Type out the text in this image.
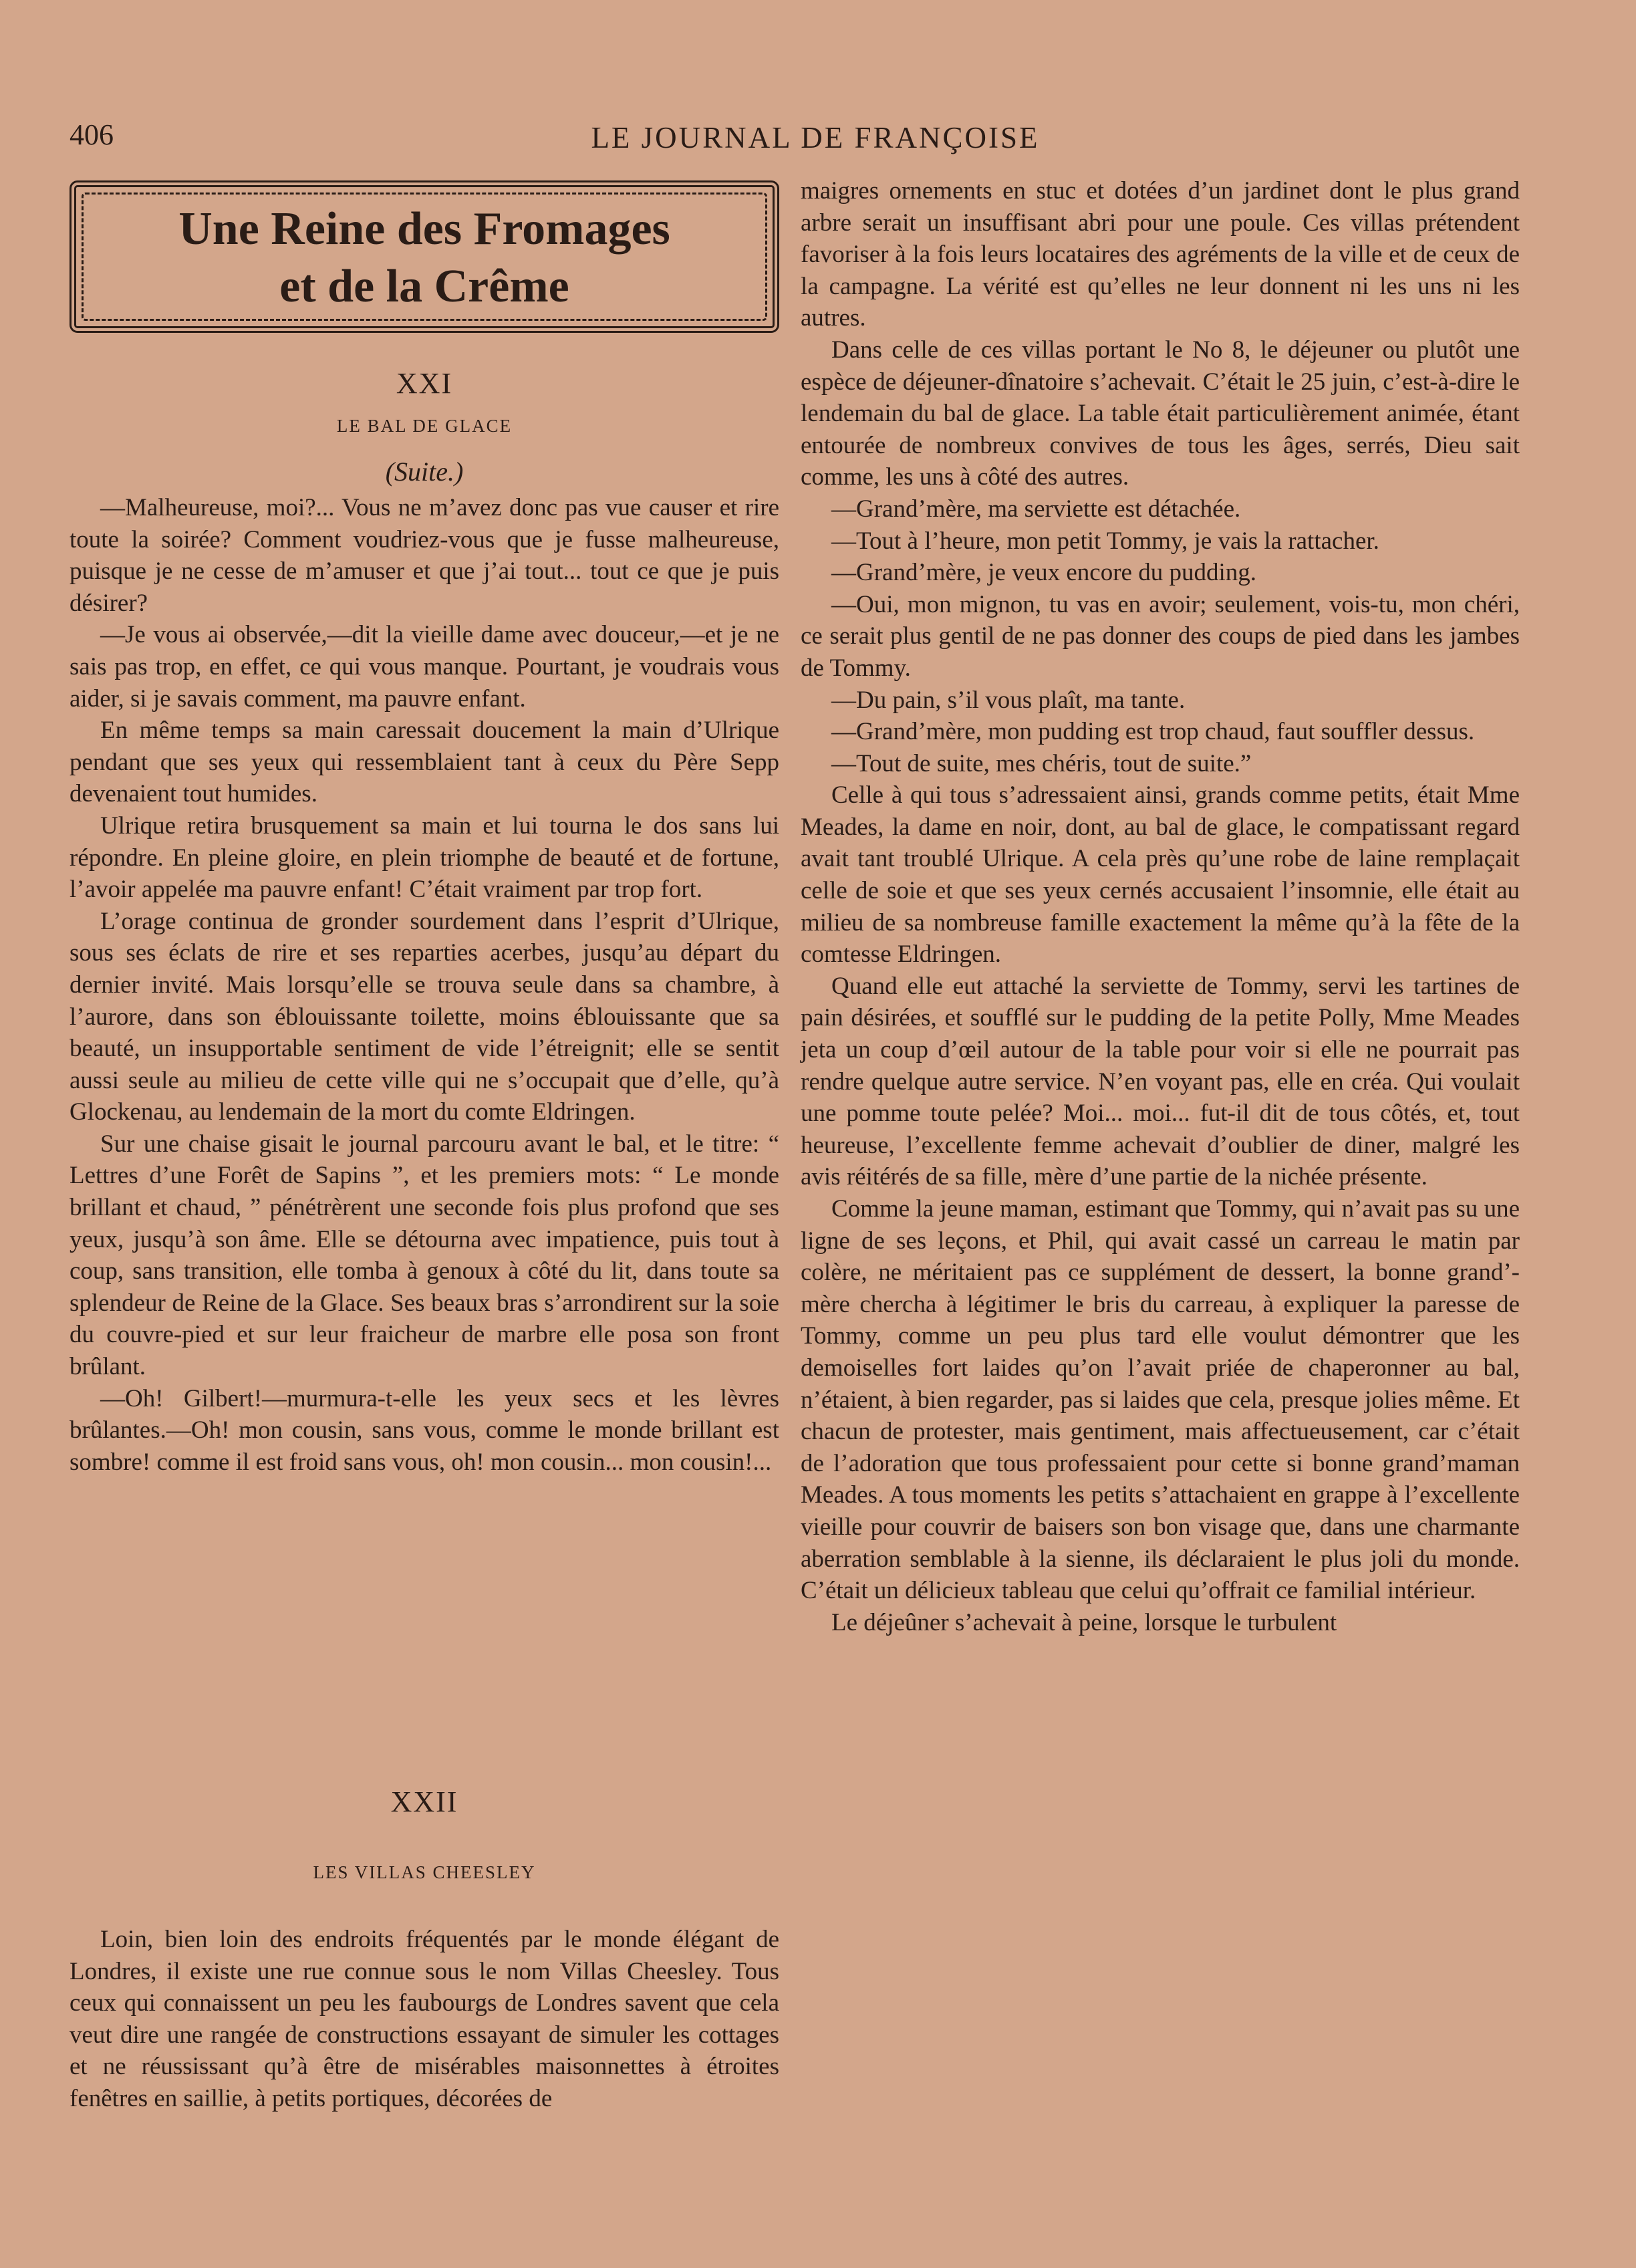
406	LE JOURNAL DE FRANÇOISE
Une Reine des Fromages
et de la Crême
XXI
LE BAL DE GLACE
(Suite.)

—Malheureuse, moi?... Vous ne m’avez donc pas vue causer et rire toute la soirée? Comment voudriez-vous que je fusse malheureuse, puisque je ne cesse de m’amuser et que j’ai tout... tout ce que je puis désirer?

—Je vous ai observée,—dit la vieille dame avec douceur,—et je ne sais pas trop, en effet, ce qui vous manque. Pourtant, je voudrais vous aider, si je savais comment, ma pauvre enfant.

En même temps sa main caressait doucement la main d’Ulrique pendant que ses yeux qui ressemblaient tant à ceux du Père Sepp devenaient tout humides.

Ulrique retira brusquement sa main et lui tourna le dos sans lui répondre. En pleine gloire, en plein triomphe de beauté et de fortune, l’avoir appelée ma pauvre enfant! C’était vraiment par trop fort.

L’orage continua de gronder sourdement dans l’esprit d’Ulrique, sous ses éclats de rire et ses reparties acerbes, jusqu’au départ du dernier invité. Mais lorsqu’elle se trouva seule dans sa chambre, à l’aurore, dans son éblouissante toilette, moins éblouissante que sa beauté, un insupportable sentiment de vide l’étreignit; elle se sentit aussi seule au milieu de cette ville qui ne s’occupait que d’elle, qu’à Glockenau, au lendemain de la mort du comte Eldringen.

Sur une chaise gisait le journal parcouru avant le bal, et le titre: “ Lettres d’une Forêt de Sapins ”, et les premiers mots: “ Le monde brillant et chaud, ” pénétrèrent une seconde fois plus profond que ses yeux, jusqu’à son âme. Elle se détourna avec impatience, puis tout à coup, sans transition, elle tomba à genoux à côté du lit, dans toute sa splendeur de Reine de la Glace. Ses beaux bras s’arrondirent sur la soie du couvre-pied et sur leur fraicheur de marbre elle posa son front brûlant.

—Oh! Gilbert!—murmura-t-elle les yeux secs et les lèvres brûlantes.—Oh! mon cousin, sans vous, comme le monde brillant est sombre! comme il est froid sans vous, oh! mon cousin... mon cousin!...

XXII
LES VILLAS CHEESLEY

Loin, bien loin des endroits fréquentés par le monde élégant de Londres, il existe une rue connue sous le nom Villas Cheesley. Tous ceux qui connaissent un peu les faubourgs de Londres savent que cela veut dire une rangée de constructions essayant de simuler les cottages et ne réussissant qu’à être de misérables maisonnettes à étroites fenêtres en saillie, à petits portiques, décorées de

maigres ornements en stuc et dotées d’un jardinet dont le plus grand arbre serait un insuffisant abri pour une poule. Ces villas prétendent favoriser à la fois leurs locataires des agréments de la ville et de ceux de la campagne. La vérité est qu’elles ne leur donnent ni les uns ni les autres.

Dans celle de ces villas portant le No 8, le déjeuner ou plutôt une espèce de déjeuner-dînatoire s’achevait. C’était le 25 juin, c’est-à-dire le lendemain du bal de glace. La table était particulièrement animée, étant entourée de nombreux convives de tous les âges, serrés, Dieu sait comme, les uns à côté des autres.

—Grand’mère, ma serviette est détachée.

—Tout à l’heure, mon petit Tommy, je vais la rattacher.

—Grand’mère, je veux encore du pudding.

—Oui, mon mignon, tu vas en avoir; seulement, vois-tu, mon chéri, ce serait plus gentil de ne pas donner des coups de pied dans les jambes de Tommy.

—Du pain, s’il vous plaît, ma tante.

—Grand’mère, mon pudding est trop chaud, faut souffler dessus.

—Tout de suite, mes chéris, tout de suite.”

Celle à qui tous s’adressaient ainsi, grands comme petits, était Mme Meades, la dame en noir, dont, au bal de glace, le compatissant regard avait tant troublé Ulrique. A cela près qu’une robe de laine remplaçait celle de soie et que ses yeux cernés accusaient l’insomnie, elle était au milieu de sa nombreuse famille exactement la même qu’à la fête de la comtesse Eldringen.

Quand elle eut attaché la serviette de Tommy, servi les tartines de pain désirées, et soufflé sur le pudding de la petite Polly, Mme Meades jeta un coup d’œil autour de la table pour voir si elle ne pourrait pas rendre quelque autre service. N’en voyant pas, elle en créa. Qui voulait une pomme toute pelée? Moi... moi... fut-il dit de tous côtés, et, tout heureuse, l’excellente femme achevait d’oublier de diner, malgré les avis réitérés de sa fille, mère d’une partie de la nichée présente.

Comme la jeune maman, estimant que Tommy, qui n’avait pas su une ligne de ses leçons, et Phil, qui avait cassé un carreau le matin par colère, ne méritaient pas ce supplément de dessert, la bonne grand’-mère chercha à légitimer le bris du carreau, à expliquer la paresse de Tommy, comme un peu plus tard elle voulut démontrer que les demoiselles fort laides qu’on l’avait priée de chaperonner au bal, n’étaient, à bien regarder, pas si laides que cela, presque jolies même. Et chacun de protester, mais gentiment, mais affectueusement, car c’était de l’adoration que tous professaient pour cette si bonne grand’maman Meades. A tous moments les petits s’attachaient en grappe à l’excellente vieille pour couvrir de baisers son bon visage que, dans une charmante aberration semblable à la sienne, ils déclaraient le plus joli du monde. C’était un délicieux tableau que celui qu’offrait ce familial intérieur.

Le déjeûner s’achevait à peine, lorsque le turbulent
